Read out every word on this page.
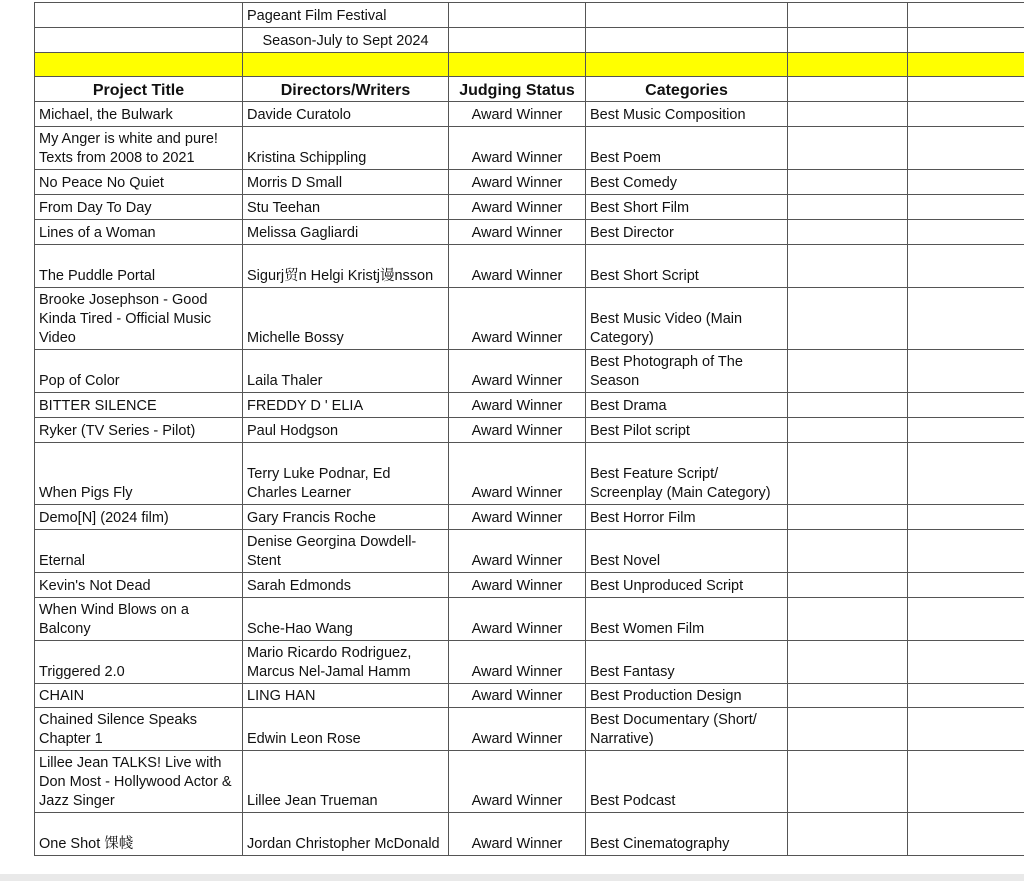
	Pageant Film Festival				
	Season-July to Sept 2024				

Project Title	Directors/Writers	Judging Status	Categories		
Michael, the Bulwark	Davide Curatolo	Award Winner	Best Music Composition		
My Anger is white and pure! Texts from 2008 to 2021	Kristina Schippling	Award Winner	Best Poem		
No Peace No Quiet	Morris D Small	Award Winner	Best Comedy		
From Day To Day	Stu Teehan	Award Winner	Best Short Film		
Lines of a Woman	Melissa Gagliardi	Award Winner	Best Director		
The Puddle Portal	Sigurj贸n Helgi Kristj谩nsson	Award Winner	Best Short Script		
Brooke Josephson - Good Kinda Tired - Official Music Video	Michelle Bossy	Award Winner	Best Music Video (Main Category)		
Pop of Color	Laila Thaler	Award Winner	Best Photograph of The Season		
BITTER SILENCE	FREDDY D ' ELIA	Award Winner	Best Drama		
Ryker (TV Series - Pilot)	Paul Hodgson	Award Winner	Best Pilot script		
When Pigs Fly	Terry Luke Podnar, Ed Charles Learner	Award Winner	Best Feature Script/ Screenplay (Main Category)		
Demo[N] (2024 film)	Gary Francis Roche	Award Winner	Best Horror Film		
Eternal	Denise Georgina Dowdell-Stent	Award Winner	Best Novel		
Kevin's Not Dead	Sarah Edmonds	Award Winner	Best Unproduced Script		
When Wind Blows on a Balcony	Sche-Hao Wang	Award Winner	Best Women Film		
Triggered 2.0	Mario Ricardo Rodriguez, Marcus Nel-Jamal Hamm	Award Winner	Best Fantasy		
CHAIN	LING HAN	Award Winner	Best Production Design		
Chained Silence Speaks Chapter 1	Edwin Leon Rose	Award Winner	Best Documentary (Short/ Narrative)		
Lillee Jean TALKS! Live with Don Most - Hollywood Actor & Jazz Singer	Lillee Jean Trueman	Award Winner	Best Podcast		
One Shot 馃帴	Jordan Christopher McDonald	Award Winner	Best Cinematography		
